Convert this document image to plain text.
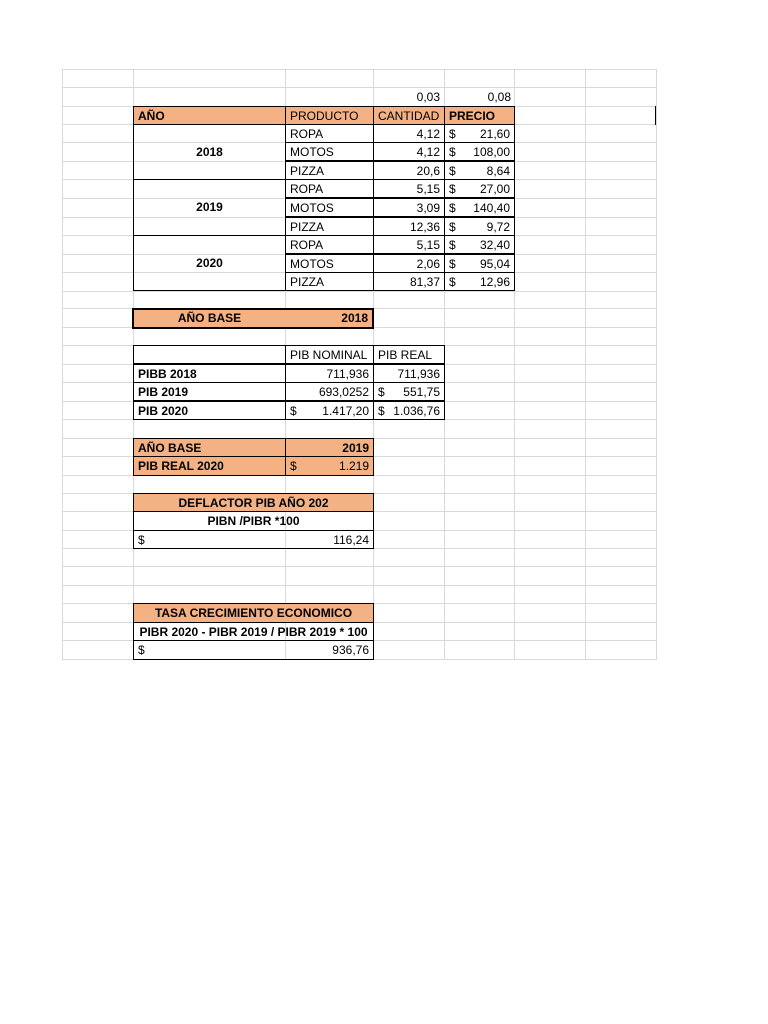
0,03	0,08
AÑO	PRODUCTO	CANTIDAD PRECIO
2018
ROPA	4,12 $ 21,60
MOTOS	4,12 $ 108,00
PIZZA	20,6 $	8,64
2019
ROPA	5,15 $ 27,00
MOTOS	3,09 $ 140,40
PIZZA	12,36 $	9,72
2020
ROPA	5,15 $ 32,40
MOTOS	2,06 $ 95,04
PIZZA	81,37 $ 12,96
AÑO BASE	2018
PIB NOMINAL PIB REAL
PIBB 2018	711,936 711,936
PIB 2019	693,0252 $ 551,75
PIB 2020	$ 1.417,20 $ 1.036,76
AÑO BASE	2019
PIB REAL 2020	$	1.219
DEFLACTOR PIB AÑO 202
PIBN /PIBR *100
$	116,24
TASA CRECIMIENTO ECONOMICO
PIBR 2020 - PIBR 2019 / PIBR 2019 * 100
$	936,76
